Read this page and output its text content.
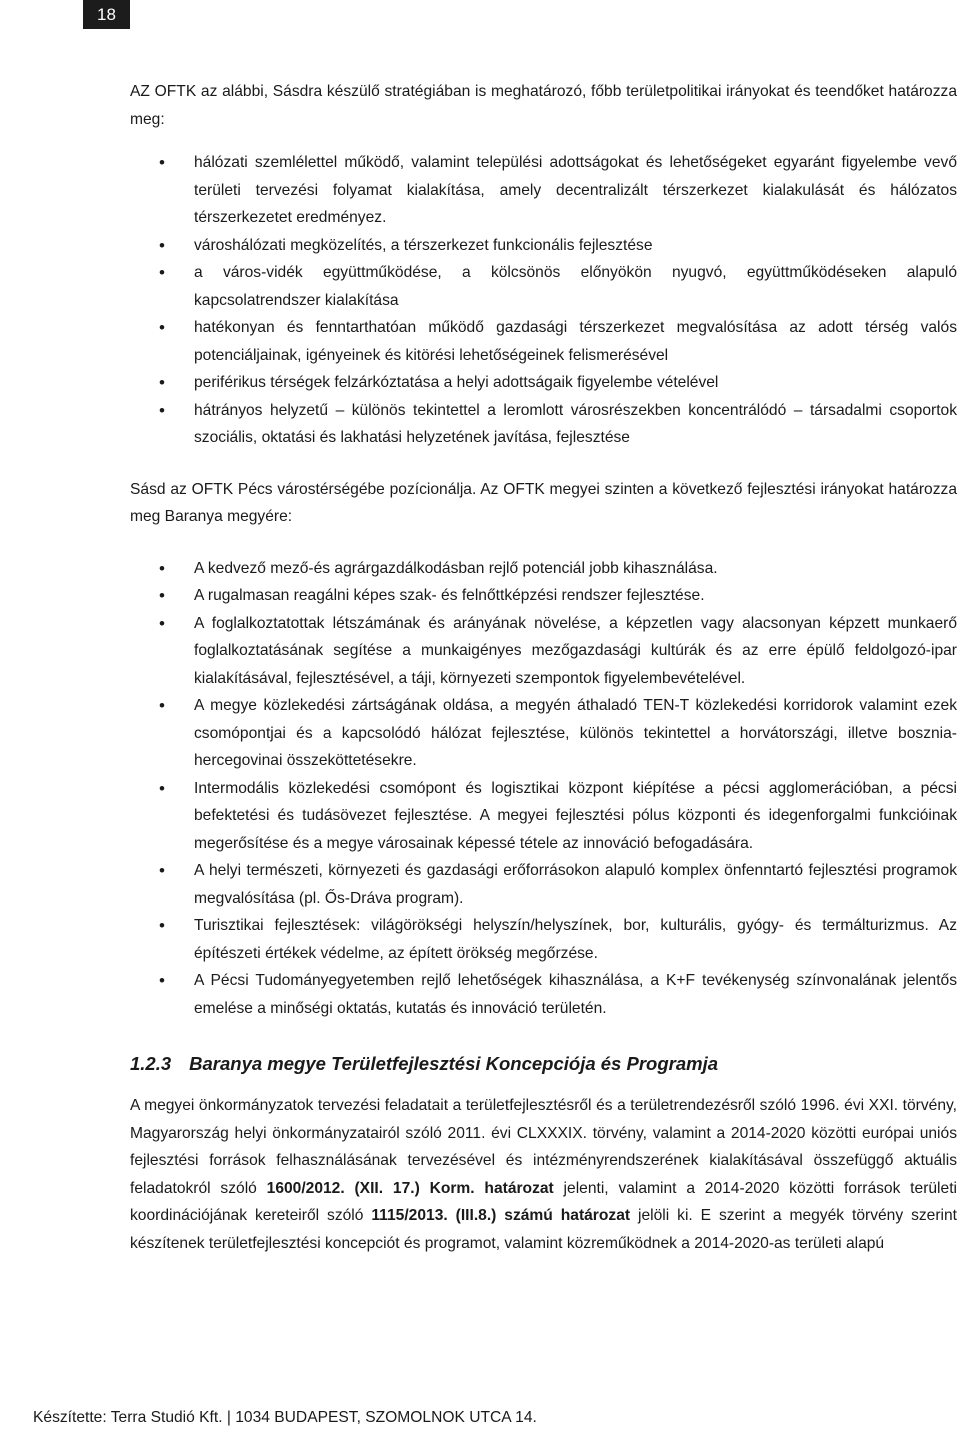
18

AZ OFTK az alábbi, Sásdra készülő stratégiában is meghatározó, főbb területpolitikai irányokat és teendőket határozza meg:

• hálózati szemlélettel működő, valamint települési adottságokat és lehetőségeket egyaránt figyelembe vevő területi tervezési folyamat kialakítása, amely decentralizált térszerkezet kialakulását és hálózatos térszerkezetet eredményez.
• városhálózati megközelítés, a térszerkezet funkcionális fejlesztése
• a város-vidék együttműködése, a kölcsönös előnyökön nyugvó, együttműködéseken alapuló kapcsolatrendszer kialakítása
• hatékonyan és fenntarthatóan működő gazdasági térszerkezet megvalósítása az adott térség valós potenciáljainak, igényeinek és kitörési lehetőségeinek felismerésével
• periférikus térségek felzárkóztatása a helyi adottságaik figyelembe vételével
• hátrányos helyzetű – különös tekintettel a leromlott városrészekben koncentrálódó – társadalmi csoportok szociális, oktatási és lakhatási helyzetének javítása, fejlesztése

Sásd az OFTK Pécs várostérségébe pozícionálja. Az OFTK megyei szinten a következő fejlesztési irányokat határozza meg Baranya megyére:

• A kedvező mező-és agrárgazdálkodásban rejlő potenciál jobb kihasználása.
• A rugalmasan reagálni képes szak- és felnőttképzési rendszer fejlesztése.
• A foglalkoztatottak létszámának és arányának növelése, a képzetlen vagy alacsonyan képzett munkaerő foglalkoztatásának segítése a munkaigényes mezőgazdasági kultúrák és az erre épülő feldolgozó-ipar kialakításával, fejlesztésével, a táji, környezeti szempontok figyelembevételével.
• A megye közlekedési zártságának oldása, a megyén áthaladó TEN-T közlekedési korridorok valamint ezek csomópontjai és a kapcsolódó hálózat fejlesztése, különös tekintettel a horvátországi, illetve bosznia-hercegovinai összeköttetésekre.
• Intermodális közlekedési csomópont és logisztikai központ kiépítése a pécsi agglomerációban, a pécsi befektetési és tudásövezet fejlesztése. A megyei fejlesztési pólus központi és idegenforgalmi funkcióinak megerősítése és a megye városainak képessé tétele az innováció befogadására.
• A helyi természeti, környezeti és gazdasági erőforrásokon alapuló komplex önfenntartó fejlesztési programok megvalósítása (pl. Ős-Dráva program).
• Turisztikai fejlesztések: világörökségi helyszín/helyszínek, bor, kulturális, gyógy- és termálturizmus. Az építészeti értékek védelme, az épített örökség megőrzése.
• A Pécsi Tudományegyetemben rejlő lehetőségek kihasználása, a K+F tevékenység színvonalának jelentős emelése a minőségi oktatás, kutatás és innováció területén.
1.2.3 Baranya megye Területfejlesztési Koncepciója és Programja

A megyei önkormányzatok tervezési feladatait a területfejlesztésről és a területrendezésről szóló 1996. évi XXI. törvény, Magyarország helyi önkormányzatairól szóló 2011. évi CLXXXIX. törvény, valamint a 2014-2020 közötti európai uniós fejlesztési források felhasználásának tervezésével és intézményrendszerének kialakításával összefüggő aktuális feladatokról szóló 1600/2012. (XII. 17.) Korm. határozat jelenti, valamint a 2014-2020 közötti források területi koordinációjának kereteiről szóló 1115/2013. (III.8.) számú határozat jelöli ki. E szerint a megyék törvény szerint készítenek területfejlesztési koncepciót és programot, valamint közreműködnek a 2014-2020-as területi alapú

Készítette: Terra Studió Kft. | 1034 BUDAPEST, SZOMOLNOK UTCA 14.
